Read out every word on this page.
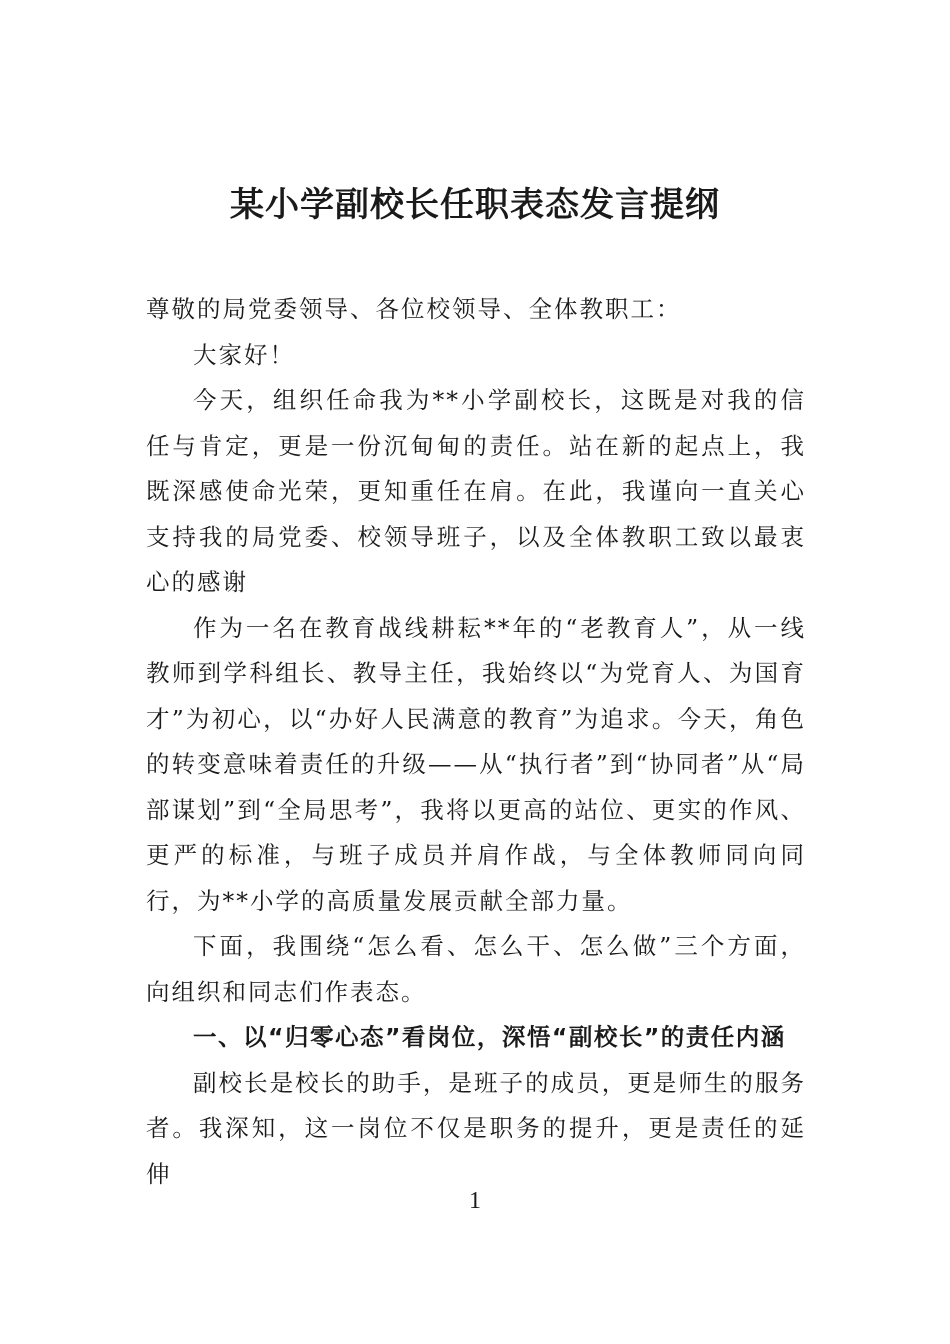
某小学副校长任职表态发言提纲

尊敬的局党委领导、各位校领导、全体教职工：

大家好！

今天，组织任命我为**小学副校长，这既是对我的信任与肯定，更是一份沉甸甸的责任。站在新的起点上，我既深感使命光荣，更知重任在肩。在此，我谨向一直关心支持我的局党委、校领导班子，以及全体教职工致以最衷心的感谢

作为一名在教育战线耕耘**年的“老教育人”，从一线教师到学科组长、教导主任，我始终以“为党育人、为国育才”为初心，以“办好人民满意的教育”为追求。今天，角色的转变意味着责任的升级——从“执行者”到“协同者”从“局部谋划”到“全局思考”，我将以更高的站位、更实的作风、更严的标准，与班子成员并肩作战，与全体教师同向同行，为**小学的高质量发展贡献全部力量。

下面，我围绕“怎么看、怎么干、怎么做”三个方面，向组织和同志们作表态。

一、以“归零心态”看岗位，深悟“副校长”的责任内涵

副校长是校长的助手，是班子的成员，更是师生的服务者。我深知，这一岗位不仅是职务的提升，更是责任的延伸

1
